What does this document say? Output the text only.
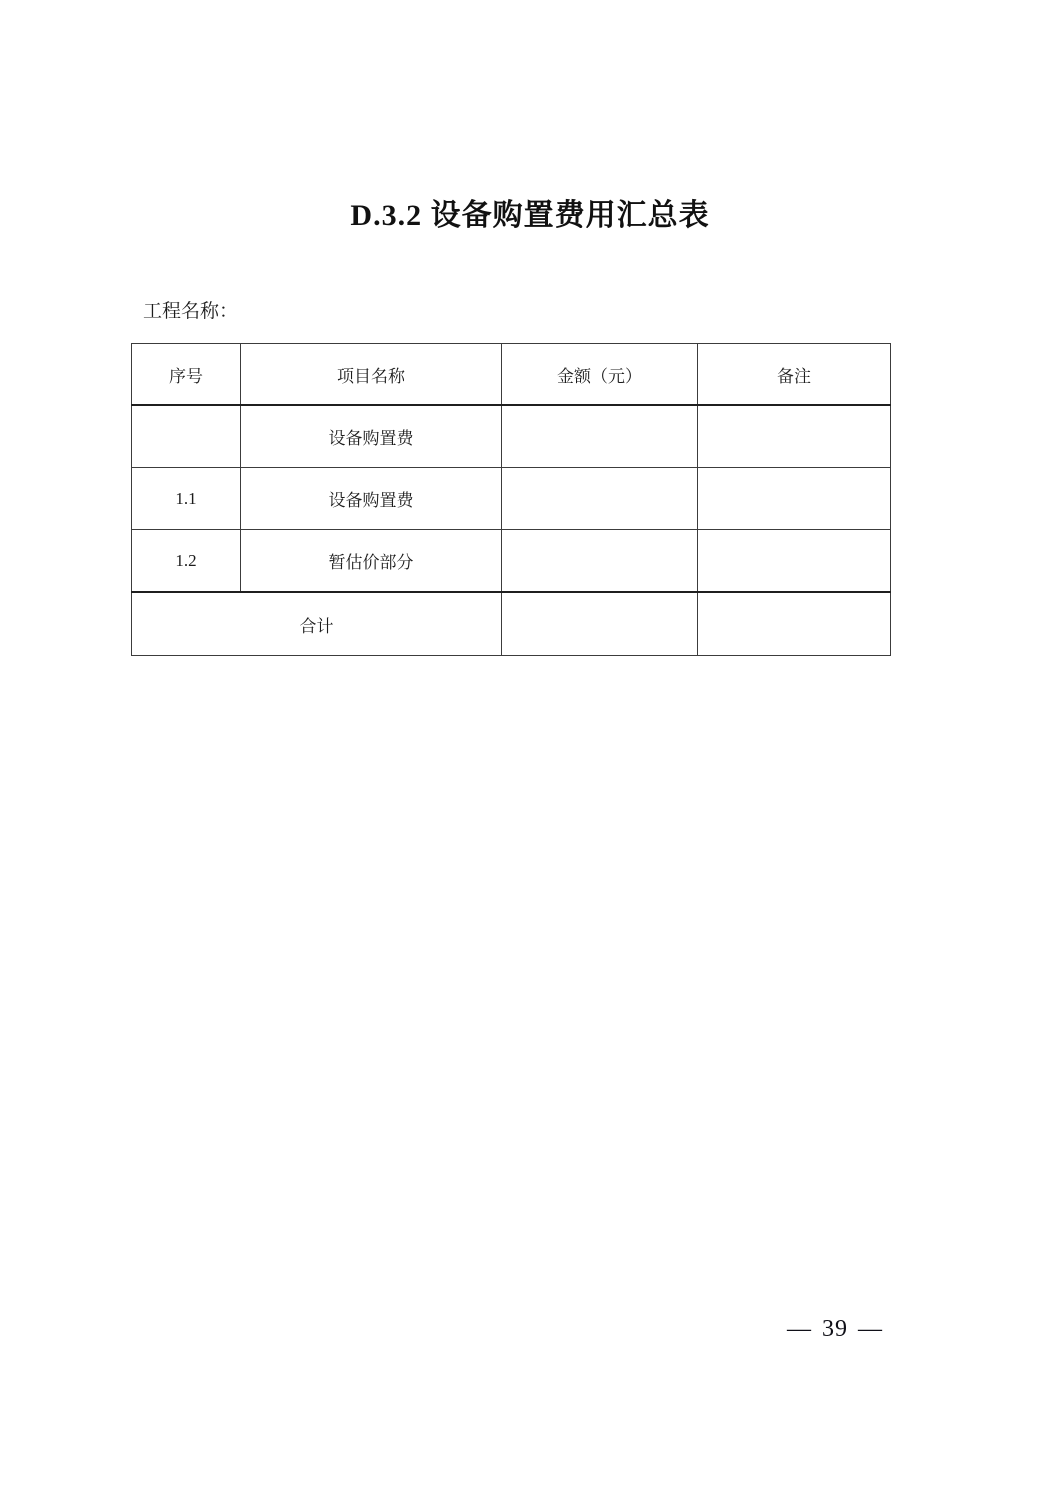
D.3.2 设备购置费用汇总表
工程名称：
序号	项目名称	金额（元）	备注
	设备购置费		
1.1	设备购置费		
1.2	暂估价部分		
合计			
— 39 —
